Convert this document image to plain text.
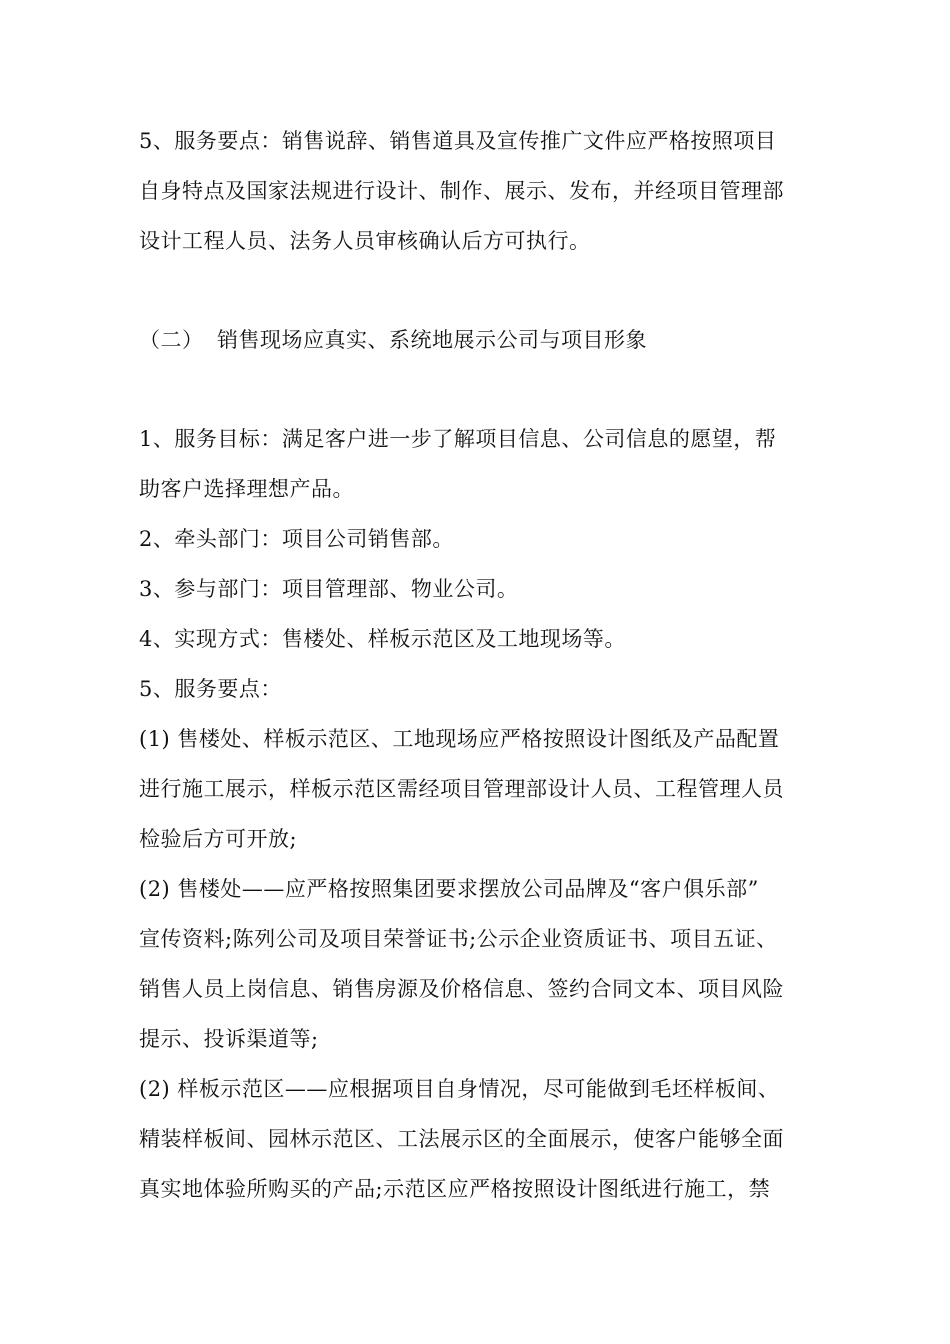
5、服务要点：销售说辞、销售道具及宣传推广文件应严格按照项目
自身特点及国家法规进行设计、制作、展示、发布，并经项目管理部
设计工程人员、法务人员审核确认后方可执行。
（二） 销售现场应真实、系统地展示公司与项目形象
1、服务目标：满足客户进一步了解项目信息、公司信息的愿望，帮
助客户选择理想产品。
2、牵头部门：项目公司销售部。
3、参与部门：项目管理部、物业公司。
4、实现方式：售楼处、样板示范区及工地现场等。
5、服务要点：
(1) 售楼处、样板示范区、工地现场应严格按照设计图纸及产品配置
进行施工展示，样板示范区需经项目管理部设计人员、工程管理人员
检验后方可开放;
(2) 售楼处——应严格按照集团要求摆放公司品牌及“客户俱乐部”
宣传资料;陈列公司及项目荣誉证书;公示企业资质证书、项目五证、
销售人员上岗信息、销售房源及价格信息、签约合同文本、项目风险
提示、投诉渠道等;
(2) 样板示范区——应根据项目自身情况，尽可能做到毛坯样板间、
精装样板间、园林示范区、工法展示区的全面展示，使客户能够全面
真实地体验所购买的产品;示范区应严格按照设计图纸进行施工，禁
